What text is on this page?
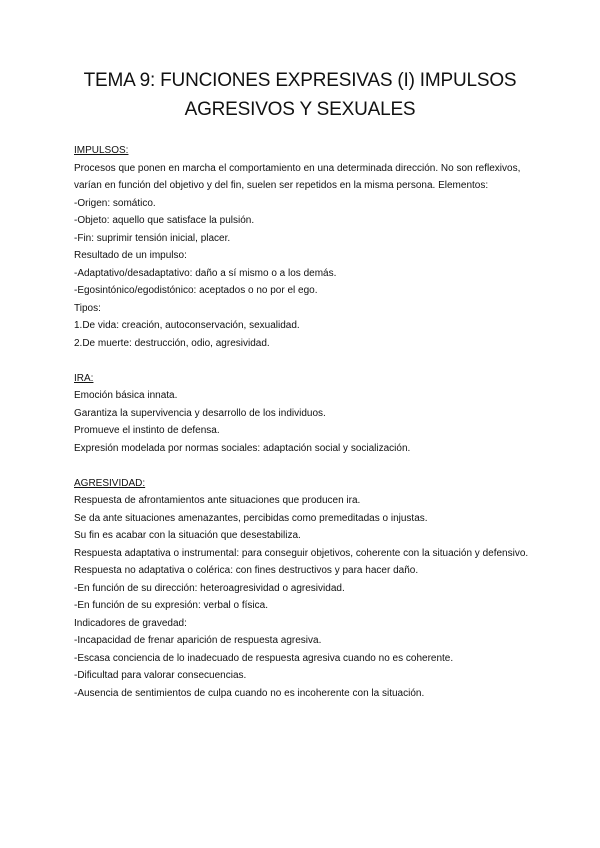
TEMA 9: FUNCIONES EXPRESIVAS (I) IMPULSOS
AGRESIVOS Y SEXUALES

IMPULSOS:

Procesos que ponen en marcha el comportamiento en una determinada dirección. No son reflexivos, varían en función del objetivo y del fin, suelen ser repetidos en la misma persona. Elementos:

-Origen: somático.

-Objeto: aquello que satisface la pulsión.

-Fin: suprimir tensión inicial, placer.

Resultado de un impulso:

-Adaptativo/desadaptativo: daño a sí mismo o a los demás.

-Egosintónico/egodistónico: aceptados o no por el ego.

Tipos:

1.De vida: creación, autoconservación, sexualidad.

2.De muerte: destrucción, odio, agresividad.

IRA:

Emoción básica innata.

Garantiza la supervivencia y desarrollo de los individuos.

Promueve el instinto de defensa.

Expresión modelada por normas sociales: adaptación social y socialización.

AGRESIVIDAD:

Respuesta de afrontamientos ante situaciones que producen ira.

Se da ante situaciones amenazantes, percibidas como premeditadas o injustas.

Su fin es acabar con la situación que desestabiliza.

Respuesta adaptativa o instrumental: para conseguir objetivos, coherente con la situación y defensivo.

Respuesta no adaptativa o colérica: con fines destructivos y para hacer daño.

-En función de su dirección: heteroagresividad o agresividad.

-En función de su expresión: verbal o física.

Indicadores de gravedad:

-Incapacidad de frenar aparición de respuesta agresiva.

-Escasa conciencia de lo inadecuado de respuesta agresiva cuando no es coherente.

-Dificultad para valorar consecuencias.

-Ausencia de sentimientos de culpa cuando no es incoherente con la situación.
